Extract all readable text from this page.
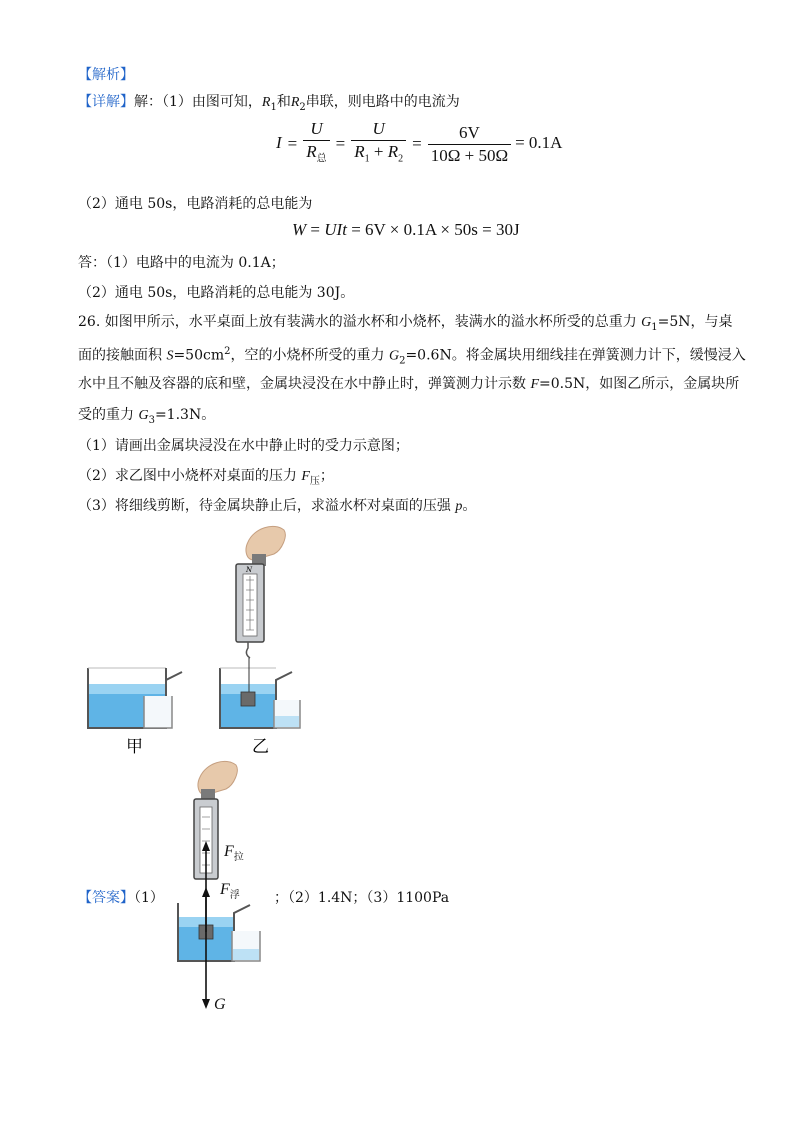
【解析】
【详解】解：（1）由图可知，$R_1$和$R_2$串联，则电路中的电流为
$I = \frac{U}{R_总} = \frac{U}{R_1 + R_2} = \frac{6V}{10\Omega + 50\Omega} = 0.1A$
（2）通电 50s，电路消耗的总电能为
W = UIt = 6V × 0.1A × 50s = 30J
答：（1）电路中的电流为 0.1A；
（2）通电 50s，电路消耗的总电能为 30J。
26. 如图甲所示，水平桌面上放有装满水的溢水杯和小烧杯，装满水的溢水杯所受的总重力 $G_1=5N$，与桌
面的接触面积 $S=50cm^2$，空的小烧杯所受的重力 $G_2=0.6N$。将金属块用细线挂在弹簧测力计下，缓慢浸入
水中且不触及容器的底和壁，金属块浸没在水中静止时，弹簧测力计示数 F=0.5N，如图乙所示，金属块所
受的重力 $G_3=1.3N$。
（1）请画出金属块浸没在水中静止时的受力示意图；
（2）求乙图中小烧杯对桌面的压力 $F_压$；
（3）将细线剪断，待金属块静止后，求溢水杯对桌面的压强 p。
甲
N
乙
$F_拉$
$F_浮$
G
【答案】（1）	；（2）1.4N；（3）1100Pa
